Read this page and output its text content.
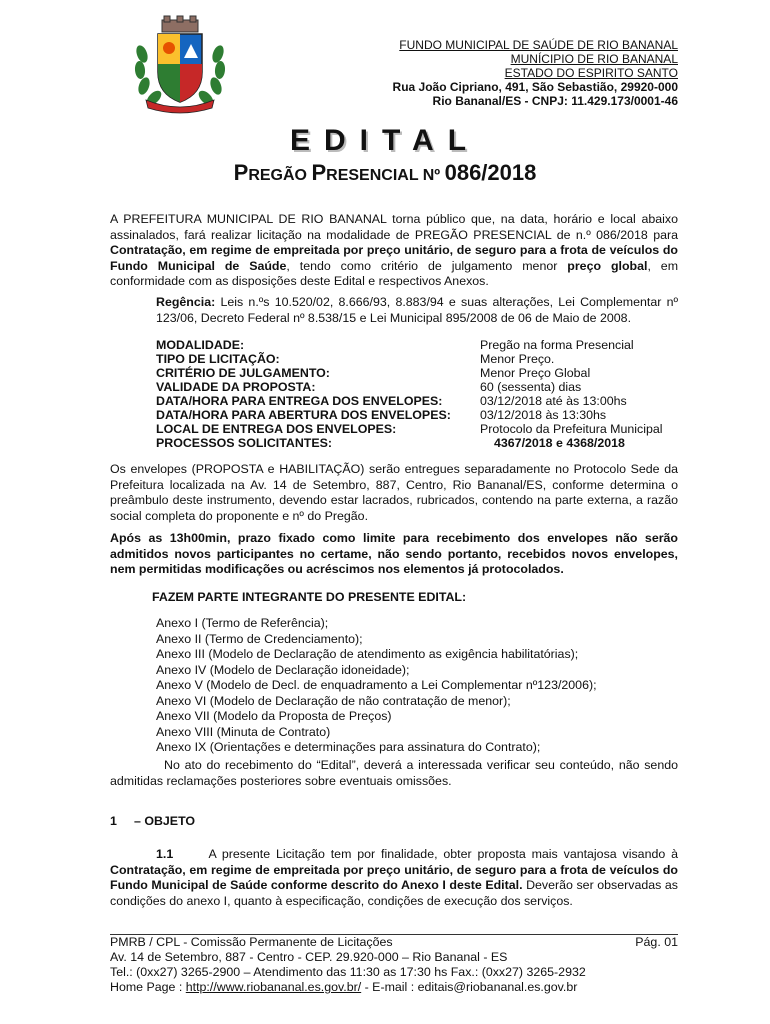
FUNDO MUNICIPAL DE SAÚDE DE RIO BANANAL
MUNÍCIPIO DE RIO BANANAL
ESTADO DO ESPIRITO SANTO
Rua João Cipriano, 491, São Sebastião, 29920-000
Rio Bananal/ES - CNPJ: 11.429.173/0001-46
EDITAL
PREGÃO PRESENCIAL Nº 086/2018

A PREFEITURA MUNICIPAL DE RIO BANANAL torna público que, na data, horário e local abaixo assinalados, fará realizar licitação na modalidade de PREGÃO PRESENCIAL de n.º 086/2018 para Contratação, em regime de empreitada por preço unitário, de seguro para a frota de veículos do Fundo Municipal de Saúde, tendo como critério de julgamento menor preço global, em conformidade com as disposições deste Edital e respectivos Anexos.

Regência: Leis n.ºs 10.520/02, 8.666/93, 8.883/94 e suas alterações, Lei Complementar nº 123/06, Decreto Federal nº 8.538/15 e Lei Municipal 895/2008 de 06 de Maio de 2008.

MODALIDADE:	Pregão na forma Presencial
TIPO DE LICITAÇÃO:	Menor Preço.
CRITÉRIO DE JULGAMENTO:	Menor Preço Global
VALIDADE DA PROPOSTA:	60 (sessenta) dias
DATA/HORA PARA ENTREGA DOS ENVELOPES:	03/12/2018 até às 13:00hs
DATA/HORA PARA ABERTURA DOS ENVELOPES: 03/12/2018 às 13:30hs
LOCAL DE ENTREGA DOS ENVELOPES:	Protocolo da Prefeitura Municipal
PROCESSOS SOLICITANTES:	4367/2018 e 4368/2018

Os envelopes (PROPOSTA e HABILITAÇÃO) serão entregues separadamente no Protocolo Sede da Prefeitura localizada na Av. 14 de Setembro, 887, Centro, Rio Bananal/ES, conforme determina o preâmbulo deste instrumento, devendo estar lacrados, rubricados, contendo na parte externa, a razão social completa do proponente e nº do Pregão.

Após as 13h00min, prazo fixado como limite para recebimento dos envelopes não serão admitidos novos participantes no certame, não sendo portanto, recebidos novos envelopes, nem permitidas modificações ou acréscimos nos elementos já protocolados.

FAZEM PARTE INTEGRANTE DO PRESENTE EDITAL:
Anexo I (Termo de Referência);
Anexo II (Termo de Credenciamento);
Anexo III (Modelo de Declaração de atendimento as exigência habilitatórias);
Anexo IV (Modelo de Declaração idoneidade);
Anexo V (Modelo de Decl. de enquadramento a Lei Complementar nº123/2006);
Anexo VI (Modelo de Declaração de não contratação de menor);
Anexo VII (Modelo da Proposta de Preços)
Anexo VIII (Minuta de Contrato)
Anexo IX (Orientações e determinações para assinatura do Contrato);

No ato do recebimento do “Edital”, deverá a interessada verificar seu conteúdo, não sendo admitidas reclamações posteriores sobre eventuais omissões.

1 – OBJETO

1.1	A presente Licitação tem por finalidade, obter proposta mais vantajosa visando à Contratação, em regime de empreitada por preço unitário, de seguro para a frota de veículos do Fundo Municipal de Saúde conforme descrito do Anexo I deste Edital. Deverão ser observadas as condições do anexo I, quanto à especificação, condições de execução dos serviços.

PMRB / CPL - Comissão Permanente de Licitações	Pág. 01
Av. 14 de Setembro, 887 - Centro - CEP. 29.920-000 – Rio Bananal - ES
Tel.: (0xx27) 3265-2900 – Atendimento das 11:30 as 17:30 hs Fax.: (0xx27) 3265-2932
Home Page : http://www.riobananal.es.gov.br/ - E-mail : editais@riobananal.es.gov.br
